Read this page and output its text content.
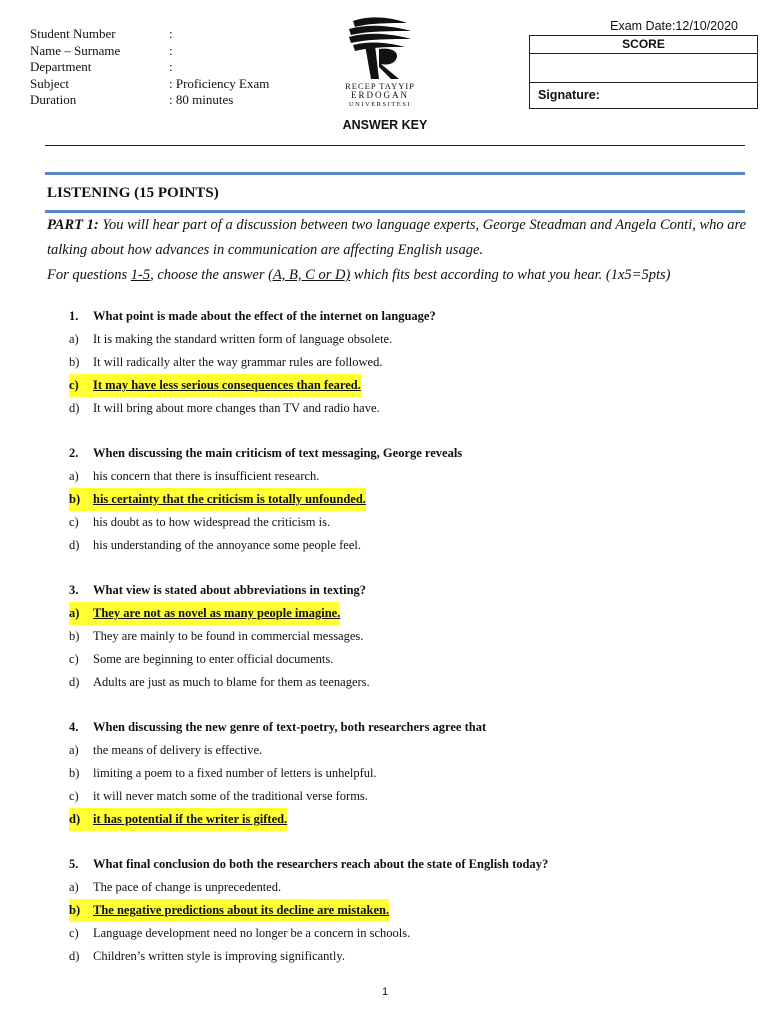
Student Number	:
Name – Surname	:
Department	:
Subject	: Proficiency Exam
Duration	: 80 minutes
RECEP TAYYIP
ERDOGAN
UNIVERSITESI
Exam Date:12/10/2020
SCORE
Signature:
ANSWER KEY
LISTENING (15 POINTS)
PART 1: You will hear part of a discussion between two language experts, George Steadman and Angela Conti, who are talking about how advances in communication are affecting English usage.
For questions 1-5, choose the answer (A, B, C or D) which fits best according to what you hear. (1x5=5pts)
1.	What point is made about the effect of the internet on language?
a)	It is making the standard written form of language obsolete.
b)	It will radically alter the way grammar rules are followed.
c)	It may have less serious consequences than feared.
d)	It will bring about more changes than TV and radio have.
2.	When discussing the main criticism of text messaging, George reveals
a)	his concern that there is insufficient research.
b)	his certainty that the criticism is totally unfounded.
c)	his doubt as to how widespread the criticism is.
d)	his understanding of the annoyance some people feel.
3.	What view is stated about abbreviations in texting?
a)	They are not as novel as many people imagine.
b)	They are mainly to be found in commercial messages.
c)	Some are beginning to enter official documents.
d)	Adults are just as much to blame for them as teenagers.
4.	When discussing the new genre of text-poetry, both researchers agree that
a)	the means of delivery is effective.
b)	limiting a poem to a fixed number of letters is unhelpful.
c)	it will never match some of the traditional verse forms.
d)	it has potential if the writer is gifted.
5.	What final conclusion do both the researchers reach about the state of English today?
a)	The pace of change is unprecedented.
b)	The negative predictions about its decline are mistaken.
c)	Language development need no longer be a concern in schools.
d)	Children’s written style is improving significantly.
1
